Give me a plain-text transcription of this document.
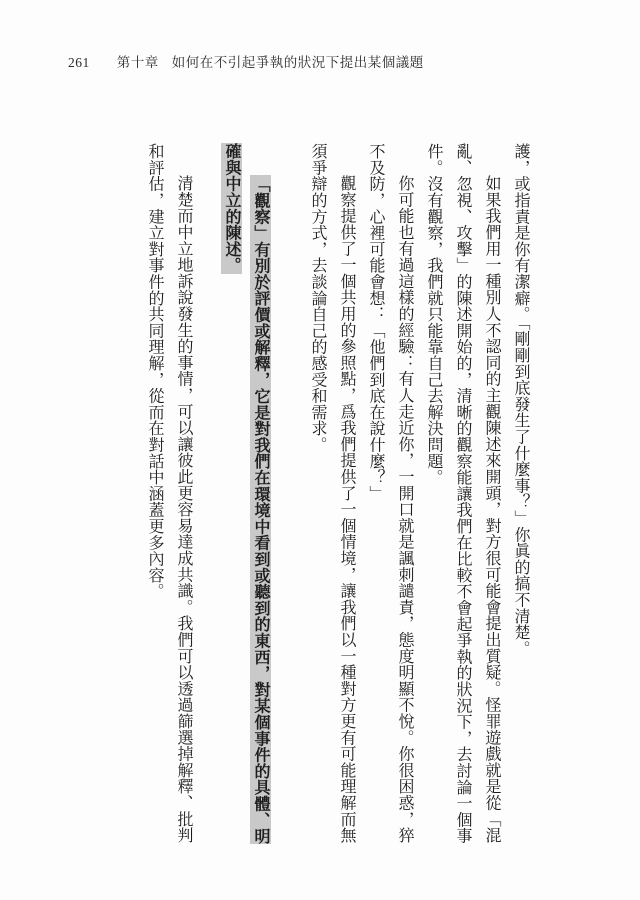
261 第十章 如何在不引起爭執的狀況下提出某個議題

護，或指責是你有潔癖。「剛剛到底發生了什麼事？」你眞的搞不清楚。

如果我們用一種別人不認同的主觀陳述來開頭，對方很可能會提出質疑。怪罪遊戲就是從「混亂、忽視、攻擊」的陳述開始的，清晰的觀察能讓我們在比較不會起爭執的狀況下，去討論一個事件。沒有觀察，我們就只能靠自己去解決問題。

你可能也有過這樣的經驗：有人走近你，一開口就是諷刺譴責，態度明顯不悅。你很困惑，猝不及防，心裡可能會想：「他們到底在說什麼？」

觀察提供了一個共用的參照點，爲我們提供了一個情境，讓我們以一種對方更有可能理解而無須爭辯的方式，去談論自己的感受和需求。

「觀察」有別於評價或解釋，它是對我們在環境中看到或聽到的東西，對某個事件的具體、明確與中立的陳述。

清楚而中立地訴說發生的事情，可以讓彼此更容易達成共識。我們可以透過篩選掉解釋、批判和評估，建立對事件的共同理解，從而在對話中涵蓋更多內容。
